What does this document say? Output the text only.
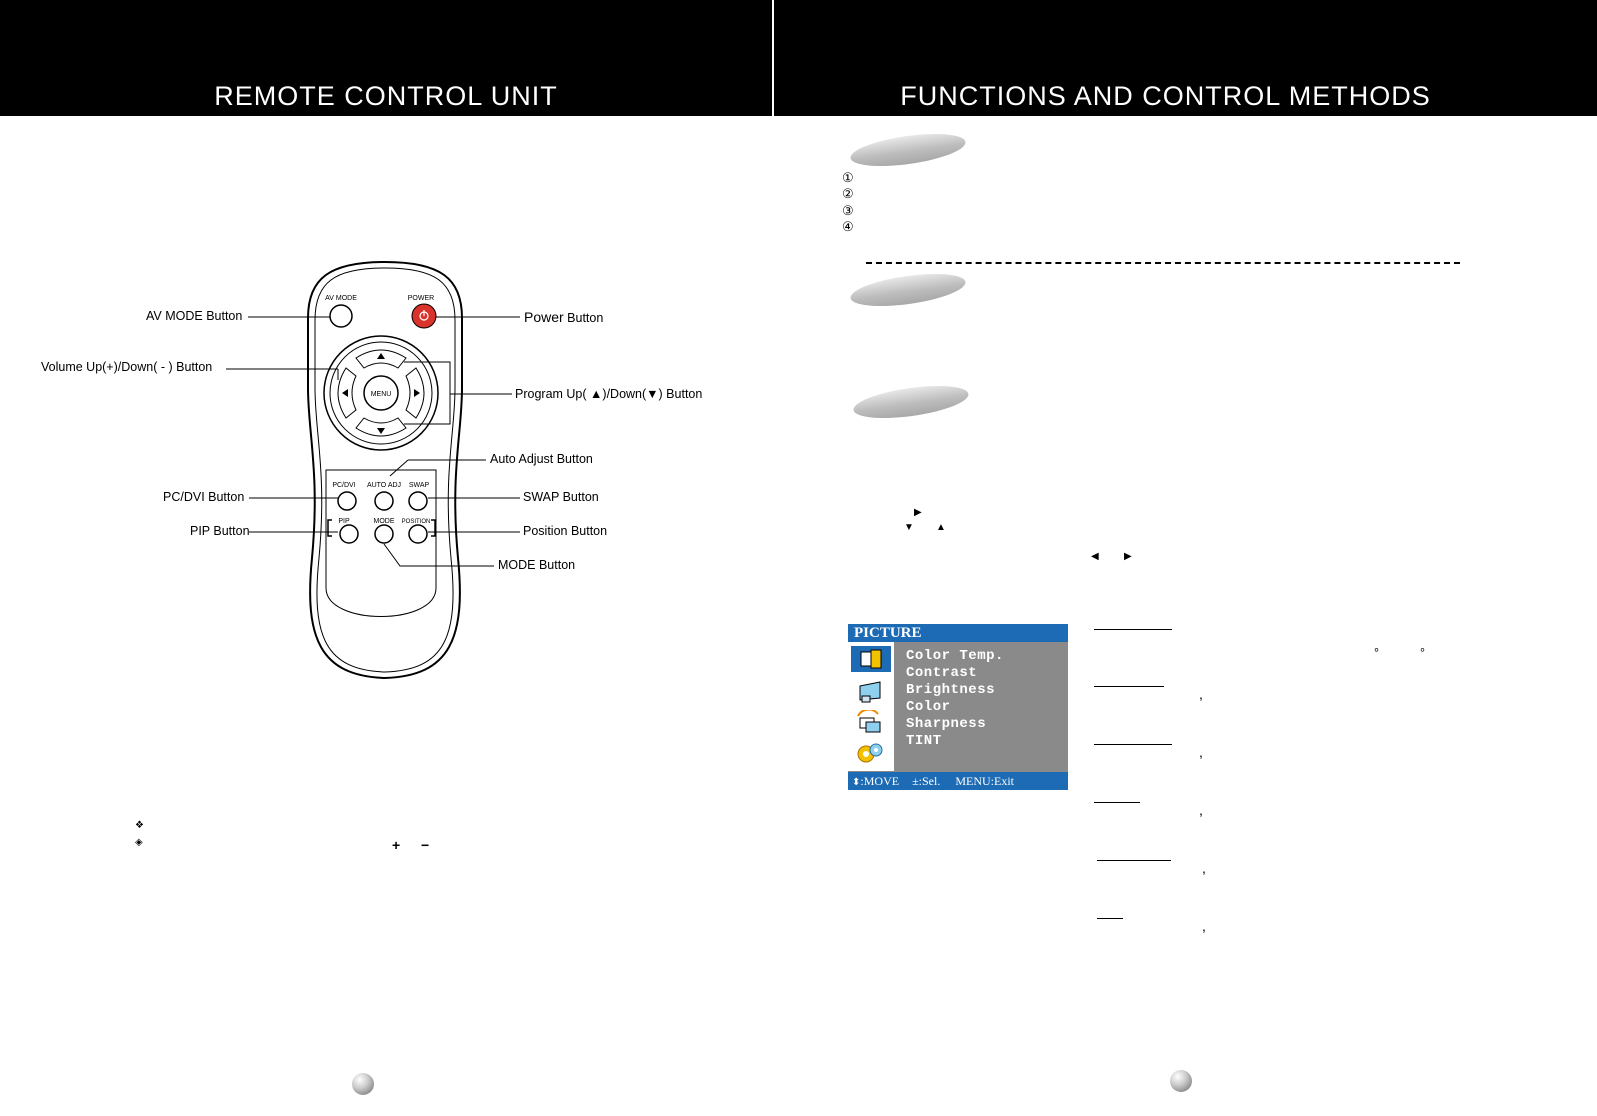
REMOTE CONTROL UNIT	FUNCTIONS AND CONTROL METHODS
AV MODE	POWER
MENU
PC/DVI AUTO ADJ SWAP
PIP	MODE POSITION
AV MODE Button	Power Button
Volume Up(+)/Down( - ) Button
Program Up( ▲)/Down(▼) Button
Auto Adjust Button
PC/DVI Button	SWAP Button
PIP Button	Position Button
MODE Button
❖
◈	+ −
①
②
③
④
▶
▼ ▲
◀	▶
PICTURE
Color Temp.
Contrast
Brightness
Color
Sharpness
TINT
⬍:MOVE ±:Sel. MENU:Exit
°	°
,
,
,
,
,
